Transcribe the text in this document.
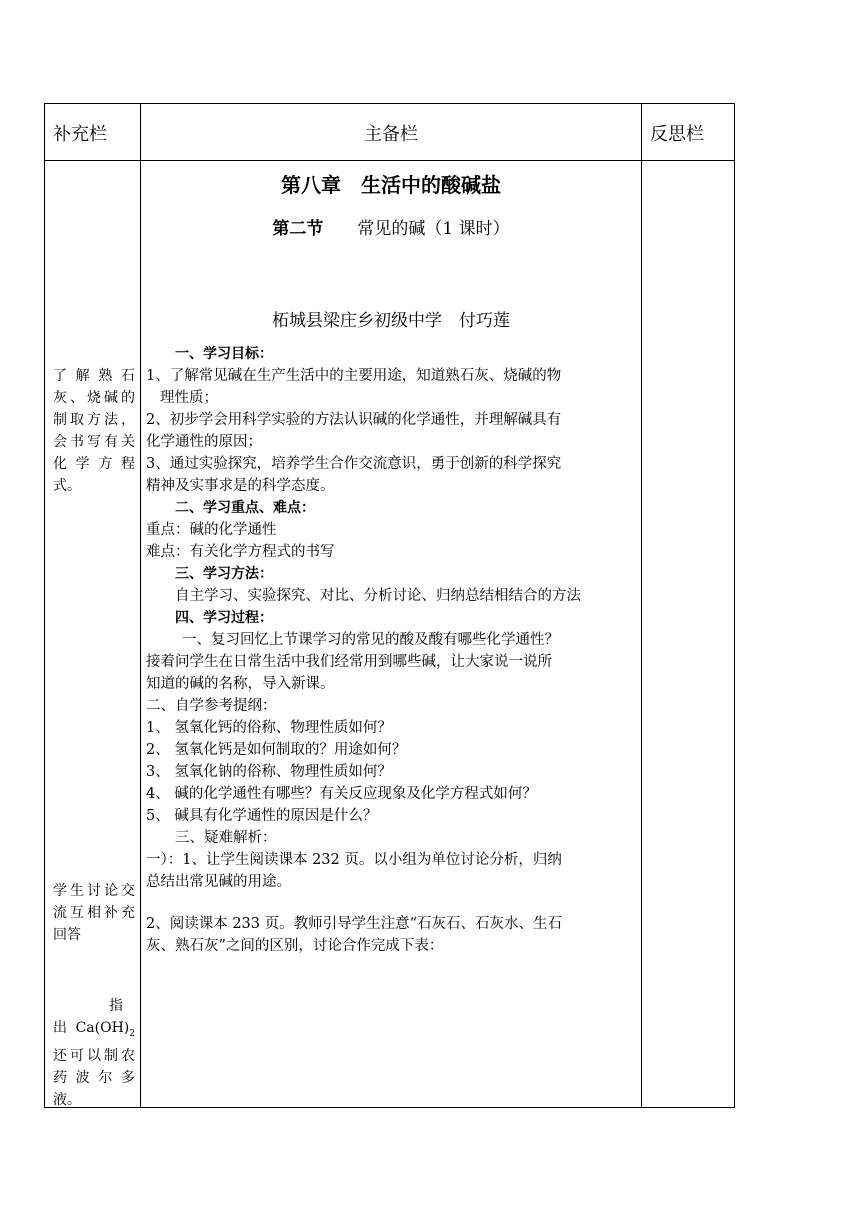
补充栏	主备栏	反思栏
了解熟石
灰、烧碱的
制取方法，
会书写有关
化学方程
式。
学生讨论交
流互相补充
回答
指
出 $Ca(OH)_2$
还可以制农
药波尔多
液。
第八章　生活中的酸碱盐
第二节 常见的碱（1 课时）
柘城县梁庄乡初级中学　付巧莲
一、学习目标：
1、了解常见碱在生产生活中的主要用途，知道熟石灰、烧碱的物
理性质；
2、初步学会用科学实验的方法认识碱的化学通性，并理解碱具有
化学通性的原因；
3、通过实验探究，培养学生合作交流意识，勇于创新的科学探究
精神及实事求是的科学态度。
二、学习重点、难点：
重点：碱的化学通性
难点：有关化学方程式的书写
三、学习方法：
自主学习、实验探究、对比、分析讨论、归纳总结相结合的方法
四、学习过程：
一、复习回忆上节课学习的常见的酸及酸有哪些化学通性？
接着问学生在日常生活中我们经常用到哪些碱，让大家说一说所
知道的碱的名称，导入新课。
二、自学参考提纲：
1、 氢氧化钙的俗称、物理性质如何？
2、 氢氧化钙是如何制取的？用途如何？
3、 氢氧化钠的俗称、物理性质如何？
4、 碱的化学通性有哪些？有关反应现象及化学方程式如何？
5、 碱具有化学通性的原因是什么？
三、疑难解析：
一）：1、让学生阅读课本 232 页。以小组为单位讨论分析，归纳
总结出常见碱的用途。
2、阅读课本 233 页。教师引导学生注意“石灰石、石灰水、生石
灰、熟石灰”之间的区别，讨论合作完成下表：
